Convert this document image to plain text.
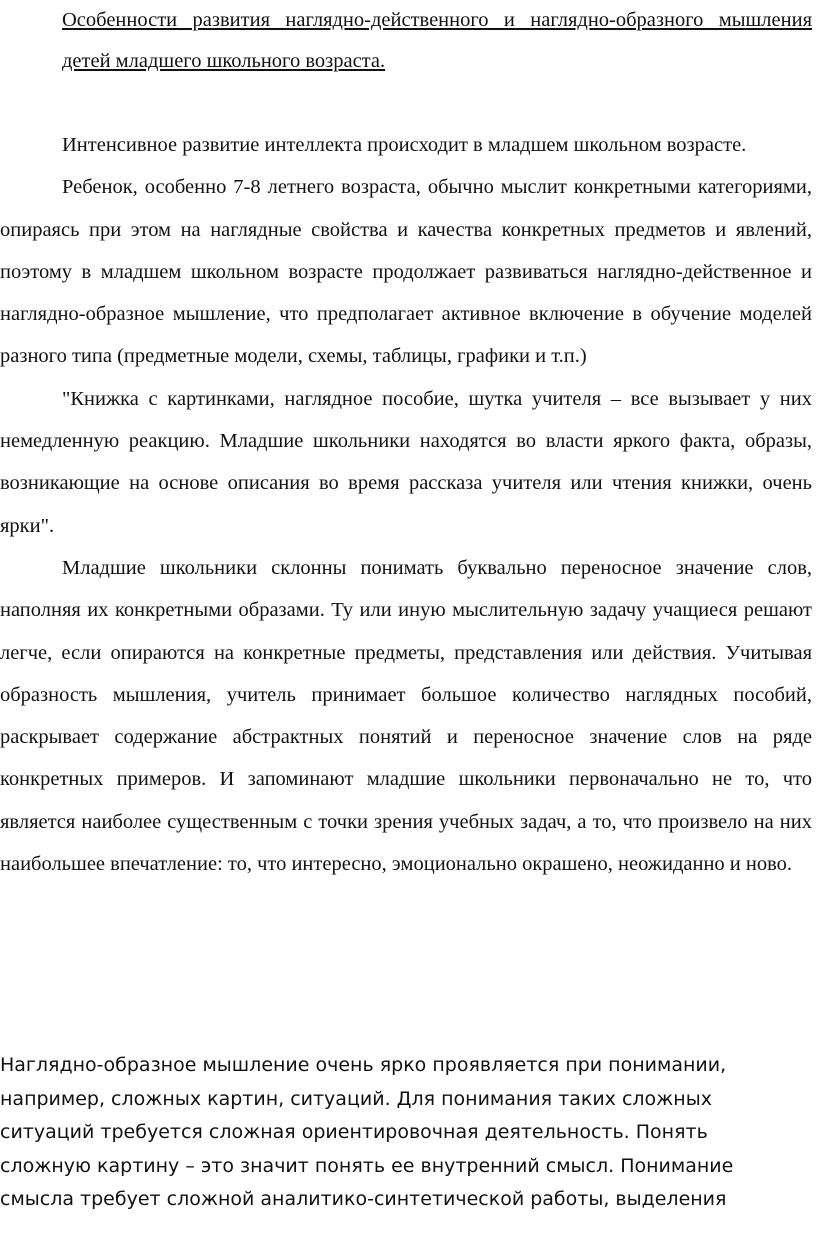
Особенности развития наглядно-действенного и наглядно-образного мышления детей младшего школьного возраста.

Интенсивное развитие интеллекта происходит в младшем школьном возрасте.

Ребенок, особенно 7-8 летнего возраста, обычно мыслит конкретными категориями, опираясь при этом на наглядные свойства и качества конкретных предметов и явлений, поэтому в младшем школьном возрасте продолжает развиваться наглядно-действенное и наглядно-образное мышление, что предполагает активное включение в обучение моделей разного типа (предметные модели, схемы, таблицы, графики и т.п.)

"Книжка с картинками, наглядное пособие, шутка учителя – все вызывает у них немедленную реакцию. Младшие школьники находятся во власти яркого факта, образы, возникающие на основе описания во время рассказа учителя или чтения книжки, очень ярки".

Младшие школьники склонны понимать буквально переносное значение слов, наполняя их конкретными образами. Ту или иную мыслительную задачу учащиеся решают легче, если опираются на конкретные предметы, представления или действия. Учитывая образность мышления, учитель принимает большое количество наглядных пособий, раскрывает содержание абстрактных понятий и переносное значение слов на ряде конкретных примеров. И запоминают младшие школьники первоначально не то, что является наиболее существенным с точки зрения учебных задач, а то, что произвело на них наибольшее впечатление: то, что интересно, эмоционально окрашено, неожиданно и ново.

Наглядно-образное мышление очень ярко проявляется при понимании,
например, сложных картин, ситуаций. Для понимания таких сложных
ситуаций требуется сложная ориентировочная деятельность. Понять
сложную картину – это значит понять ее внутренний смысл. Понимание
смысла требует сложной аналитико-синтетической работы, выделения
